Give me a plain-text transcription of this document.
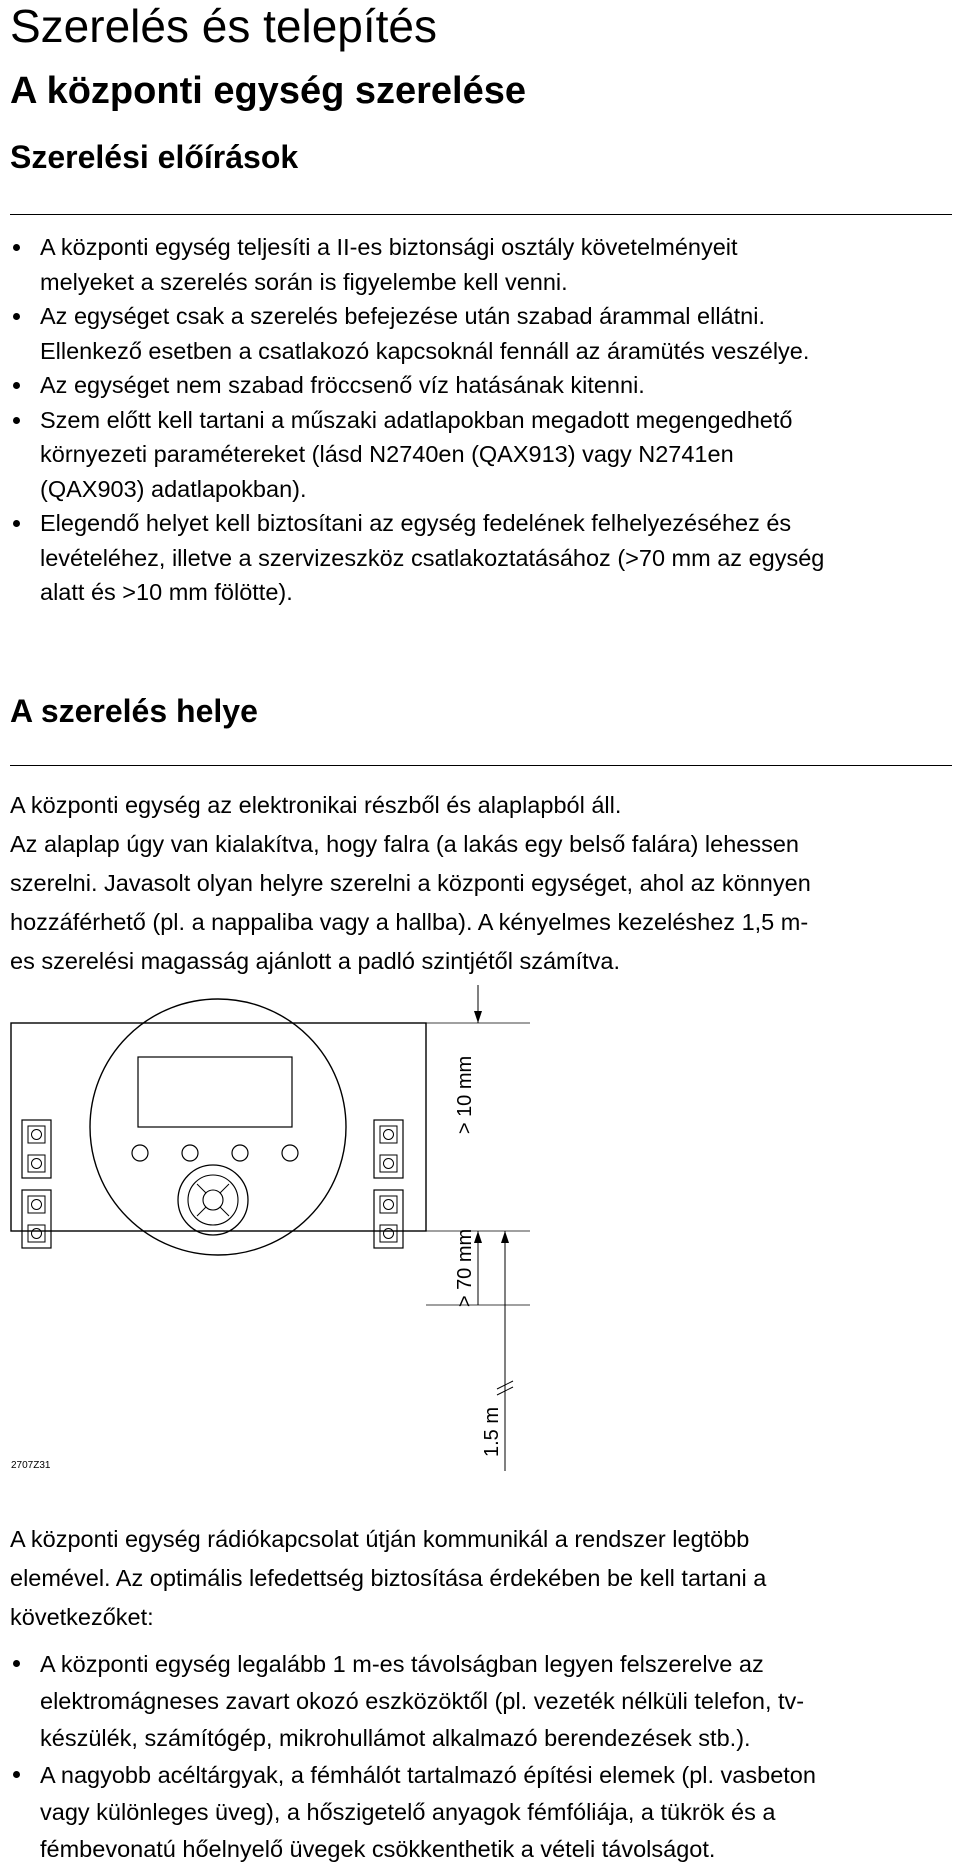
Szerelés és telepítés
A központi egység szerelése
Szerelési előírások
A központi egység teljesíti a II-es biztonsági osztály követelményeit
melyeket a szerelés során is figyelembe kell venni.
Az egységet csak a szerelés befejezése után szabad árammal ellátni.
Ellenkező esetben a csatlakozó kapcsoknál fennáll az áramütés veszélye.
Az egységet nem szabad fröccsenő víz hatásának kitenni.
Szem előtt kell tartani a műszaki adatlapokban megadott megengedhető
környezeti paramétereket (lásd N2740en (QAX913) vagy N2741en
(QAX903) adatlapokban).
Elegendő helyet kell biztosítani az egység fedelének felhelyezéséhez és
levételéhez, illetve a szervizeszköz csatlakoztatásához (>70 mm az egység
alatt és >10 mm fölötte).
A szerelés helye
A központi egység az elektronikai részből és alaplapból áll.
Az alaplap úgy van kialakítva, hogy falra (a lakás egy belső falára) lehessen
szerelni. Javasolt olyan helyre szerelni a központi egységet, ahol az könnyen
hozzáférhető (pl. a nappaliba vagy a hallba). A kényelmes kezeléshez 1,5 m-
es szerelési magasság ajánlott a padló szintjétől számítva.
> 10 mm
> 70 mm
1.5 m
2707Z31
A központi egység rádiókapcsolat útján kommunikál a rendszer legtöbb
elemével. Az optimális lefedettség biztosítása érdekében be kell tartani a
következőket:
A központi egység legalább 1 m-es távolságban legyen felszerelve az
elektromágneses zavart okozó eszközöktől (pl. vezeték nélküli telefon, tv-
készülék, számítógép, mikrohullámot alkalmazó berendezések stb.).
A nagyobb acéltárgyak, a fémhálót tartalmazó építési elemek (pl. vasbeton
vagy különleges üveg), a hőszigetelő anyagok fémfóliája, a tükrök és a
fémbevonatú hőelnyelő üvegek csökkenthetik a vételi távolságot.
